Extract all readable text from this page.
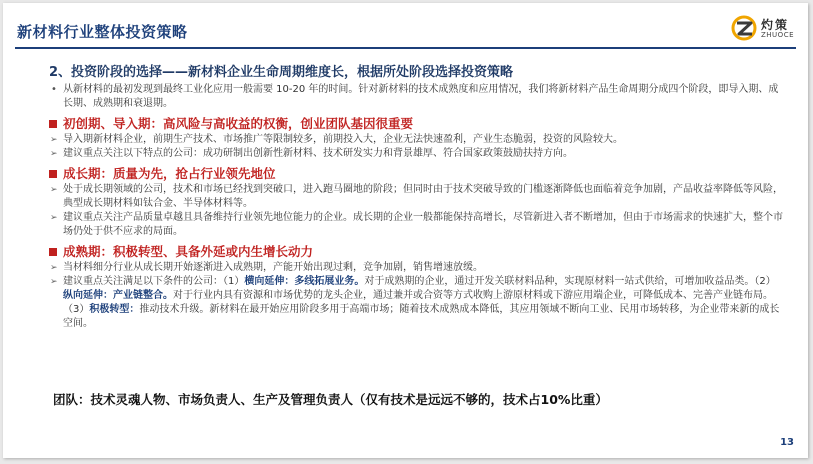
新材料行业整体投资策略	灼策
ZHUOCE
2、投资阶段的选择——新材料企业生命周期维度长，根据所处阶段选择投资策略
• 从新材料的最初发现到最终工业化应用一般需要 10-20 年的时间。针对新材料的技术成熟度和应用情况，我们将新材料产品生命周期分成四个阶段，即导入期、成长期、成熟期和衰退期。
初创期、导入期：高风险与高收益的权衡，创业团队基因很重要
➢ 导入期新材料企业，前期生产技术、市场推广等限制较多，前期投入大，企业无法快速盈利，产业生态脆弱，投资的风险较大。
➢ 建议重点关注以下特点的公司：成功研制出创新性新材料、技术研发实力和背景雄厚、符合国家政策鼓励扶持方向。
成长期：质量为先，抢占行业领先地位
➢ 处于成长期领域的公司，技术和市场已经找到突破口，进入跑马圈地的阶段；但同时由于技术突破导致的门槛逐渐降低也面临着竞争加剧，产品收益率降低等风险，典型成长期材料如钛合金、半导体材料等。
➢ 建议重点关注产品质量卓越且具备维持行业领先地位能力的企业。成长期的企业一般都能保持高增长，尽管新进入者不断增加，但由于市场需求的快速扩大，整个市场仍处于供不应求的局面。
成熟期：积极转型、具备外延或内生增长动力
➢ 当材料细分行业从成长期开始逐渐进入成熟期，产能开始出现过剩，竞争加剧，销售增速放缓。
➢ 建议重点关注满足以下条件的公司：（1）横向延伸：多线拓展业务。对于成熟期的企业，通过开发关联材料品种，实现原材料一站式供给，可增加收益品类。（2）纵向延伸：产业链整合。对于行业内具有资源和市场优势的龙头企业，通过兼并或合资等方式收购上游原材料或下游应用端企业，可降低成本、完善产业链布局。（3）积极转型：推动技术升级。新材料在最开始应用阶段多用于高端市场；随着技术成熟成本降低，其应用领域不断向工业、民用市场转移，为企业带来新的成长空间。
团队：技术灵魂人物、市场负责人、生产及管理负责人（仅有技术是远远不够的，技术占10%比重）
13
